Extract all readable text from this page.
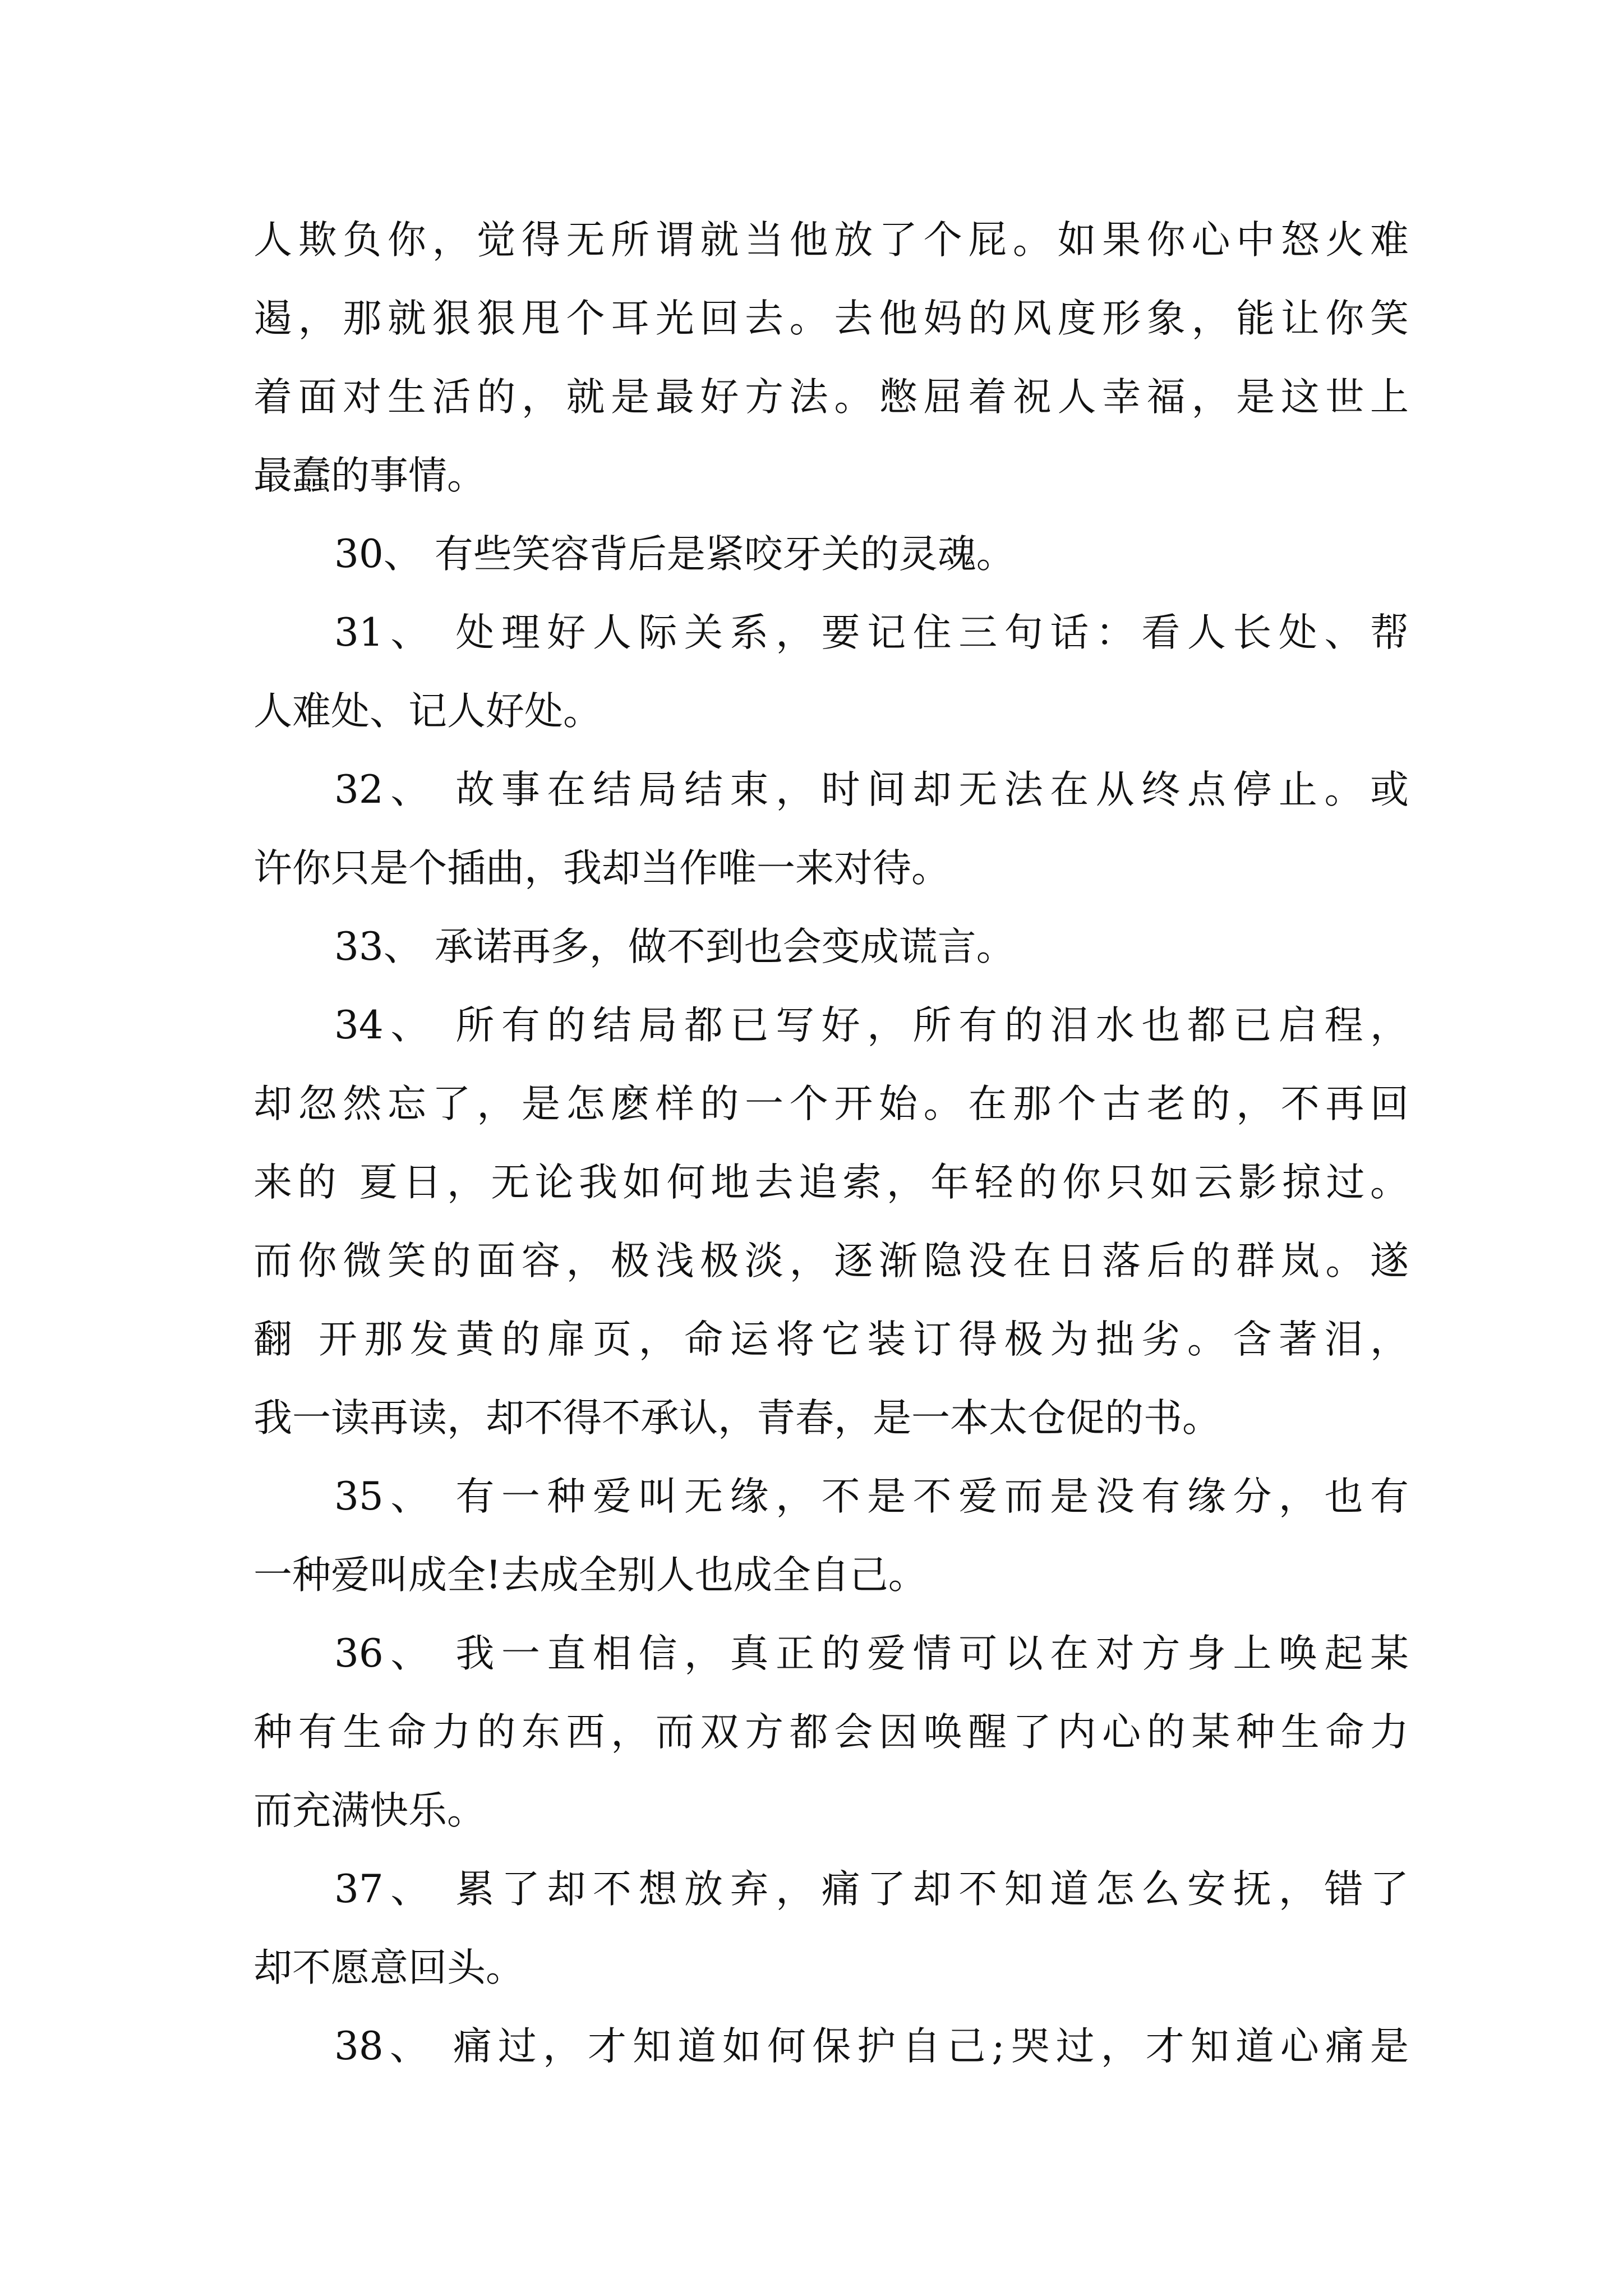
人欺负你，觉得无所谓就当他放了个屁。如果你心中怒火难
遏，那就狠狠甩个耳光回去。去他妈的风度形象，能让你笑
着面对生活的，就是最好方法。憋屈着祝人幸福，是这世上
最蠢的事情。
30、 有些笑容背后是紧咬牙关的灵魂。
31、 处理好人际关系，要记住三句话：看人长处、帮
人难处、记人好处。
32、 故事在结局结束，时间却无法在从终点停止。或
许你只是个插曲，我却当作唯一来对待。
33、 承诺再多，做不到也会变成谎言。
34、 所有的结局都已写好，所有的泪水也都已启程，
却忽然忘了，是怎麽样的一个开始。在那个古老的，不再回
来的 夏日，无论我如何地去追索，年轻的你只如云影掠过。
而你微笑的面容，极浅极淡，逐渐隐没在日落后的群岚。遂
翻 开那发黄的扉页，命运将它装订得极为拙劣。含著泪，
我一读再读，却不得不承认，青春，是一本太仓促的书。
35、 有一种爱叫无缘，不是不爱而是没有缘分，也有
一种爱叫成全!去成全别人也成全自己。
36、 我一直相信，真正的爱情可以在对方身上唤起某
种有生命力的东西，而双方都会因唤醒了内心的某种生命力
而充满快乐。
37、 累了却不想放弃，痛了却不知道怎么安抚，错了
却不愿意回头。
38、 痛过，才知道如何保护自己;哭过，才知道心痛是
